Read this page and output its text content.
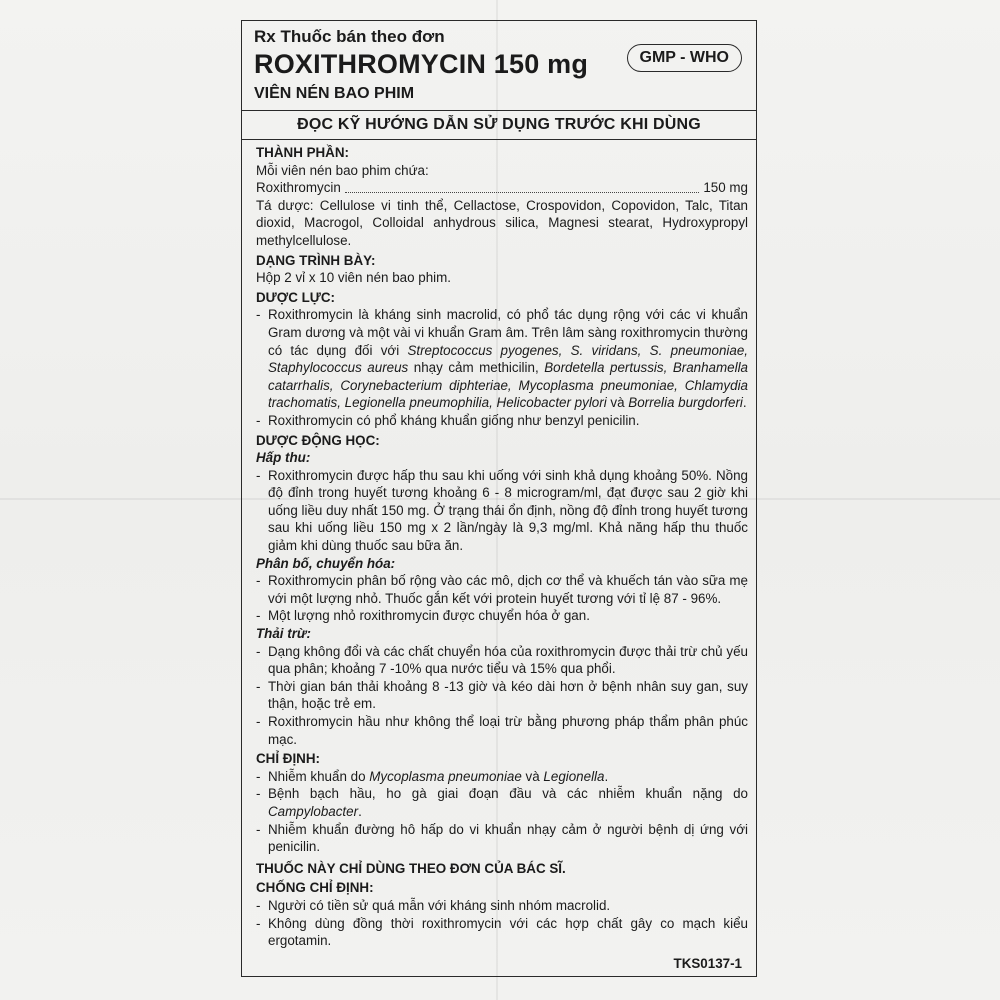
Rx Thuốc bán theo đơn
ROXITHROMYCIN 150 mg
VIÊN NÉN BAO PHIM
GMP - WHO
ĐỌC KỸ HƯỚNG DẪN SỬ DỤNG TRƯỚC KHI DÙNG
THÀNH PHẦN:
Mỗi viên nén bao phim chứa:
Roxithromycin	150 mg
Tá dược: Cellulose vi tinh thể, Cellactose, Crospovidon, Copovidon, Talc, Titan dioxid, Macrogol, Colloidal anhydrous silica, Magnesi stearat, Hydroxypropyl methylcellulose.
DẠNG TRÌNH BÀY:
Hộp 2 vỉ x 10 viên nén bao phim.
DƯỢC LỰC:
- Roxithromycin là kháng sinh macrolid, có phổ tác dụng rộng với các vi khuẩn Gram dương và một vài vi khuẩn Gram âm. Trên lâm sàng roxithromycin thường có tác dụng đối với Streptococcus pyogenes, S. viridans, S. pneumoniae, Staphylococcus aureus nhạy cảm methicilin, Bordetella pertussis, Branhamella catarrhalis, Corynebacterium diphteriae, Mycoplasma pneumoniae, Chlamydia trachomatis, Legionella pneumophilia, Helicobacter pylori và Borrelia burgdorferi.
- Roxithromycin có phổ kháng khuẩn giống như benzyl penicilin.
DƯỢC ĐỘNG HỌC:
Hấp thu:
- Roxithromycin được hấp thu sau khi uống với sinh khả dụng khoảng 50%. Nồng độ đỉnh trong huyết tương khoảng 6 - 8 microgram/ml, đạt được sau 2 giờ khi uống liều duy nhất 150 mg. Ở trạng thái ổn định, nồng độ đỉnh trong huyết tương sau khi uống liều 150 mg x 2 lần/ngày là 9,3 mg/ml. Khả năng hấp thu thuốc giảm khi dùng thuốc sau bữa ăn.
Phân bố, chuyển hóa:
- Roxithromycin phân bố rộng vào các mô, dịch cơ thể và khuếch tán vào sữa mẹ với một lượng nhỏ. Thuốc gắn kết với protein huyết tương với tỉ lệ 87 - 96%.
- Một lượng nhỏ roxithromycin được chuyển hóa ở gan.
Thải trừ:
- Dạng không đổi và các chất chuyển hóa của roxithromycin được thải trừ chủ yếu qua phân; khoảng 7 -10% qua nước tiểu và 15% qua phổi.
- Thời gian bán thải khoảng 8 -13 giờ và kéo dài hơn ở bệnh nhân suy gan, suy thận, hoặc trẻ em.
- Roxithromycin hầu như không thể loại trừ bằng phương pháp thẩm phân phúc mạc.
CHỈ ĐỊNH:
- Nhiễm khuẩn do Mycoplasma pneumoniae và Legionella.
- Bệnh bạch hầu, ho gà giai đoạn đầu và các nhiễm khuẩn nặng do Campylobacter.
- Nhiễm khuẩn đường hô hấp do vi khuẩn nhạy cảm ở người bệnh dị ứng với penicilin.
THUỐC NÀY CHỈ DÙNG THEO ĐƠN CỦA BÁC SĨ.
CHỐNG CHỈ ĐỊNH:
- Người có tiền sử quá mẫn với kháng sinh nhóm macrolid.
- Không dùng đồng thời roxithromycin với các hợp chất gây co mạch kiểu ergotamin.
TKS0137-1
